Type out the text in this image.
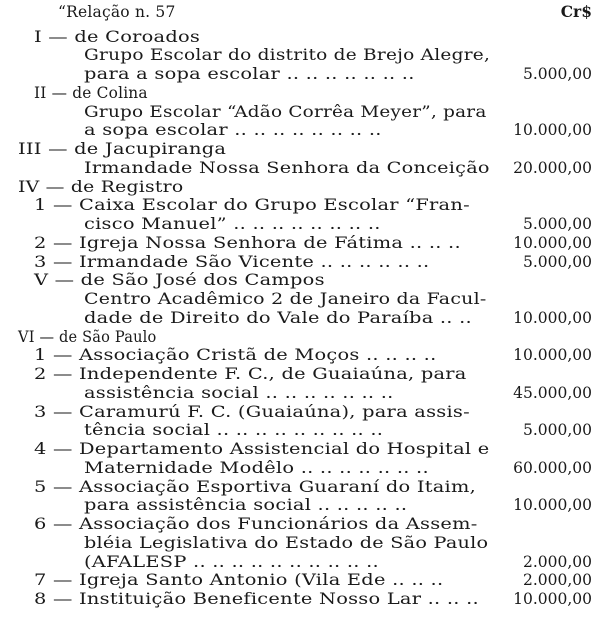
“Relação n. 57	Cr$
I — de Coroados
Grupo Escolar do distrito de Brejo Alegre,
para a sopa escolar .. .. .. .. .. .. ..	5.000,00
II — de Colina
Grupo Escolar “Adão Corrêa Meyer”, para
a sopa escolar .. .. .. .. .. .. .. ..	10.000,00
III — de Jacupiranga
Irmandade Nossa Senhora da Conceição 20.000,00
IV — de Registro
1 — Caixa Escolar do Grupo Escolar “Fran-
cisco Manuel” .. .. .. .. .. .. .. ..	5.000,00
2 — Igreja Nossa Senhora de Fátima .. .. ..	10.000,00
3 — Irmandade São Vicente .. .. .. .. .. ..	5.000,00
V — de São José dos Campos
Centro Acadêmico 2 de Janeiro da Facul-
dade de Direito do Vale do Paraíba .. ..	10.000,00
VI — de São Paulo
1 — Associação Cristã de Moços .. .. .. ..	10.000,00
2 — Independente F. C., de Guaiaúna, para
assistência social .. .. .. .. .. .. ..	45.000,00
3 — Caramurú F. C. (Guaiaúna), para assis-
tência social .. .. .. .. .. .. .. .. ..	5.000,00
4 — Departamento Assistencial do Hospital e
Maternidade Modêlo .. .. .. .. .. .. ..	60.000,00
5 — Associação Esportiva Guaraní do Itaim,
para assistência social .. .. .. .. ..	10.000,00
6 — Associação dos Funcionários da Assem-
bléia Legislativa do Estado de São Paulo
(AFALESP .. .. .. .. .. .. .. .. .. ..	2.000,00
7 — Igreja Santo Antonio (Vila Ede .. .. ..	2.000,00
8 — Instituição Beneficente Nosso Lar .. .. .. 10.000,00
